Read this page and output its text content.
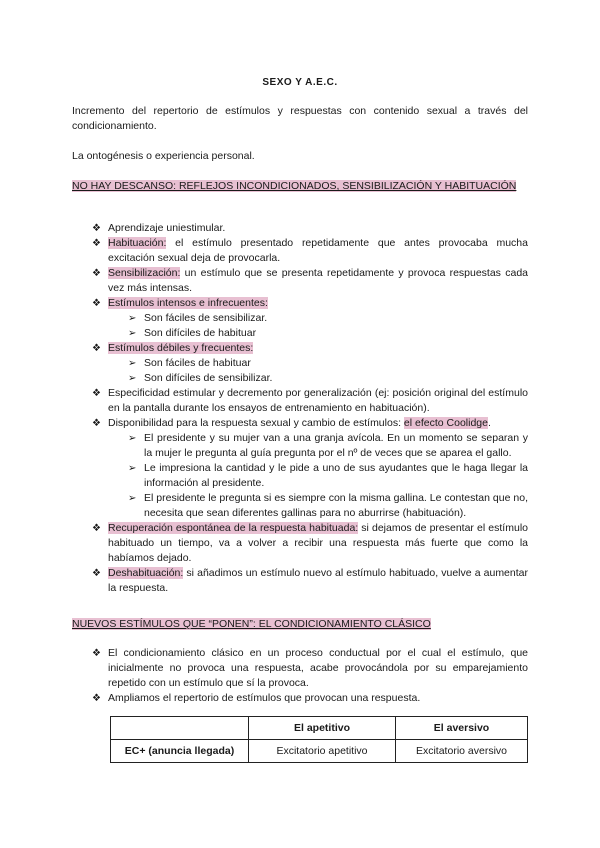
SEXO Y A.E.C.
Incremento del repertorio de estímulos y respuestas con contenido sexual a través del condicionamiento.
La ontogénesis o experiencia personal.
NO HAY DESCANSO: REFLEJOS INCONDICIONADOS, SENSIBILIZACIÓN Y HABITUACIÓN
❖ Aprendizaje uniestimular.
❖ Habituación: el estímulo presentado repetidamente que antes provocaba mucha excitación sexual deja de provocarla.
❖ Sensibilización: un estímulo que se presenta repetidamente y provoca respuestas cada vez más intensas.
❖ Estímulos intensos e infrecuentes:
➢ Son fáciles de sensibilizar.
➢ Son difíciles de habituar
❖ Estímulos débiles y frecuentes:
➢ Son fáciles de habituar
➢ Son difíciles de sensibilizar.
❖ Especificidad estimular y decremento por generalización (ej: posición original del estímulo en la pantalla durante los ensayos de entrenamiento en habituación).
❖ Disponibilidad para la respuesta sexual y cambio de estímulos: el efecto Coolidge.
➢ El presidente y su mujer van a una granja avícola. En un momento se separan y la mujer le pregunta al guía pregunta por el nº de veces que se aparea el gallo.
➢ Le impresiona la cantidad y le pide a uno de sus ayudantes que le haga llegar la información al presidente.
➢ El presidente le pregunta si es siempre con la misma gallina. Le contestan que no, necesita que sean diferentes gallinas para no aburrirse (habituación).
❖ Recuperación espontánea de la respuesta habituada: si dejamos de presentar el estímulo habituado un tiempo, va a volver a recibir una respuesta más fuerte que como la habíamos dejado.
❖ Deshabituación: si añadimos un estímulo nuevo al estímulo habituado, vuelve a aumentar la respuesta.
NUEVOS ESTÍMULOS QUE “PONEN”: EL CONDICIONAMIENTO CLÁSICO
❖ El condicionamiento clásico en un proceso conductual por el cual el estímulo, que inicialmente no provoca una respuesta, acabe provocándola por su emparejamiento repetido con un estímulo que sí la provoca.
❖ Ampliamos el repertorio de estímulos que provocan una respuesta.
	El apetitivo	El aversivo
EC+ (anuncia llegada)	Excitatorio apetitivo	Excitatorio aversivo
